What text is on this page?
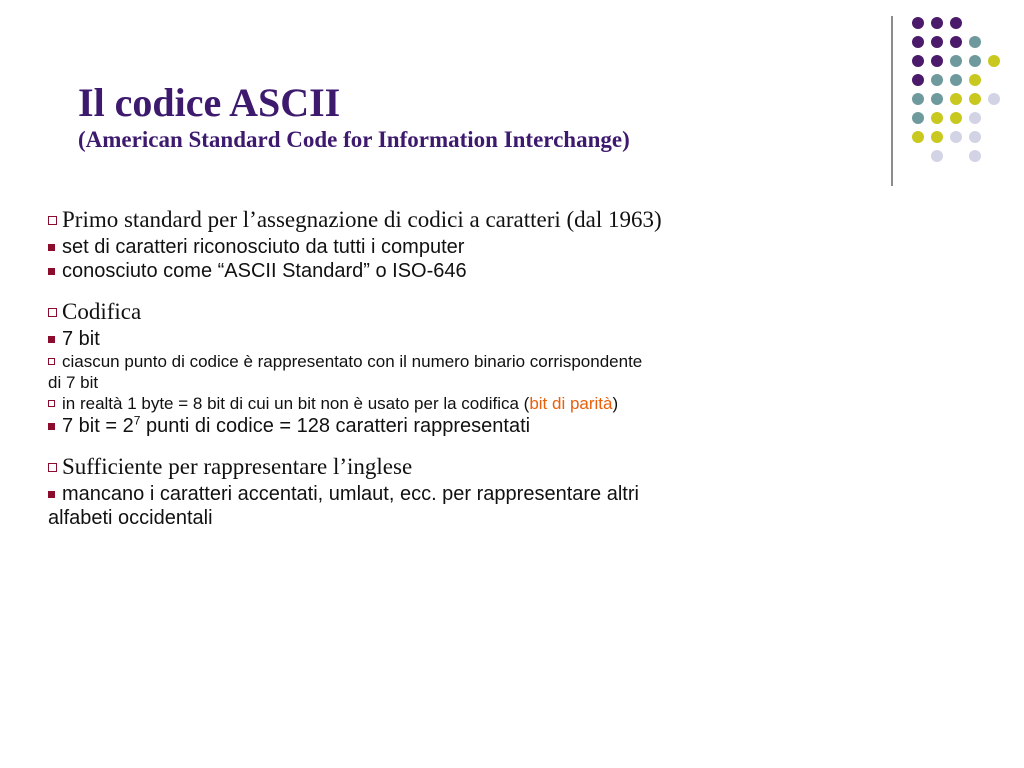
Il codice ASCII
(American Standard Code for Information Interchange)
Primo standard per l’assegnazione di codici a caratteri (dal 1963)
set di caratteri riconosciuto da tutti i computer
conosciuto come “ASCII Standard” o ISO-646
Codifica
7 bit
ciascun punto di codice è rappresentato con il numero binario corrispondente
di 7 bit
in realtà 1 byte = 8 bit di cui un bit non è usato per la codifica (bit di parità)
7 bit = $2^7$ punti di codice = 128 caratteri rappresentati
Sufficiente per rappresentare l’inglese
mancano i caratteri accentati, umlaut, ecc. per rappresentare altri
alfabeti occidentali
